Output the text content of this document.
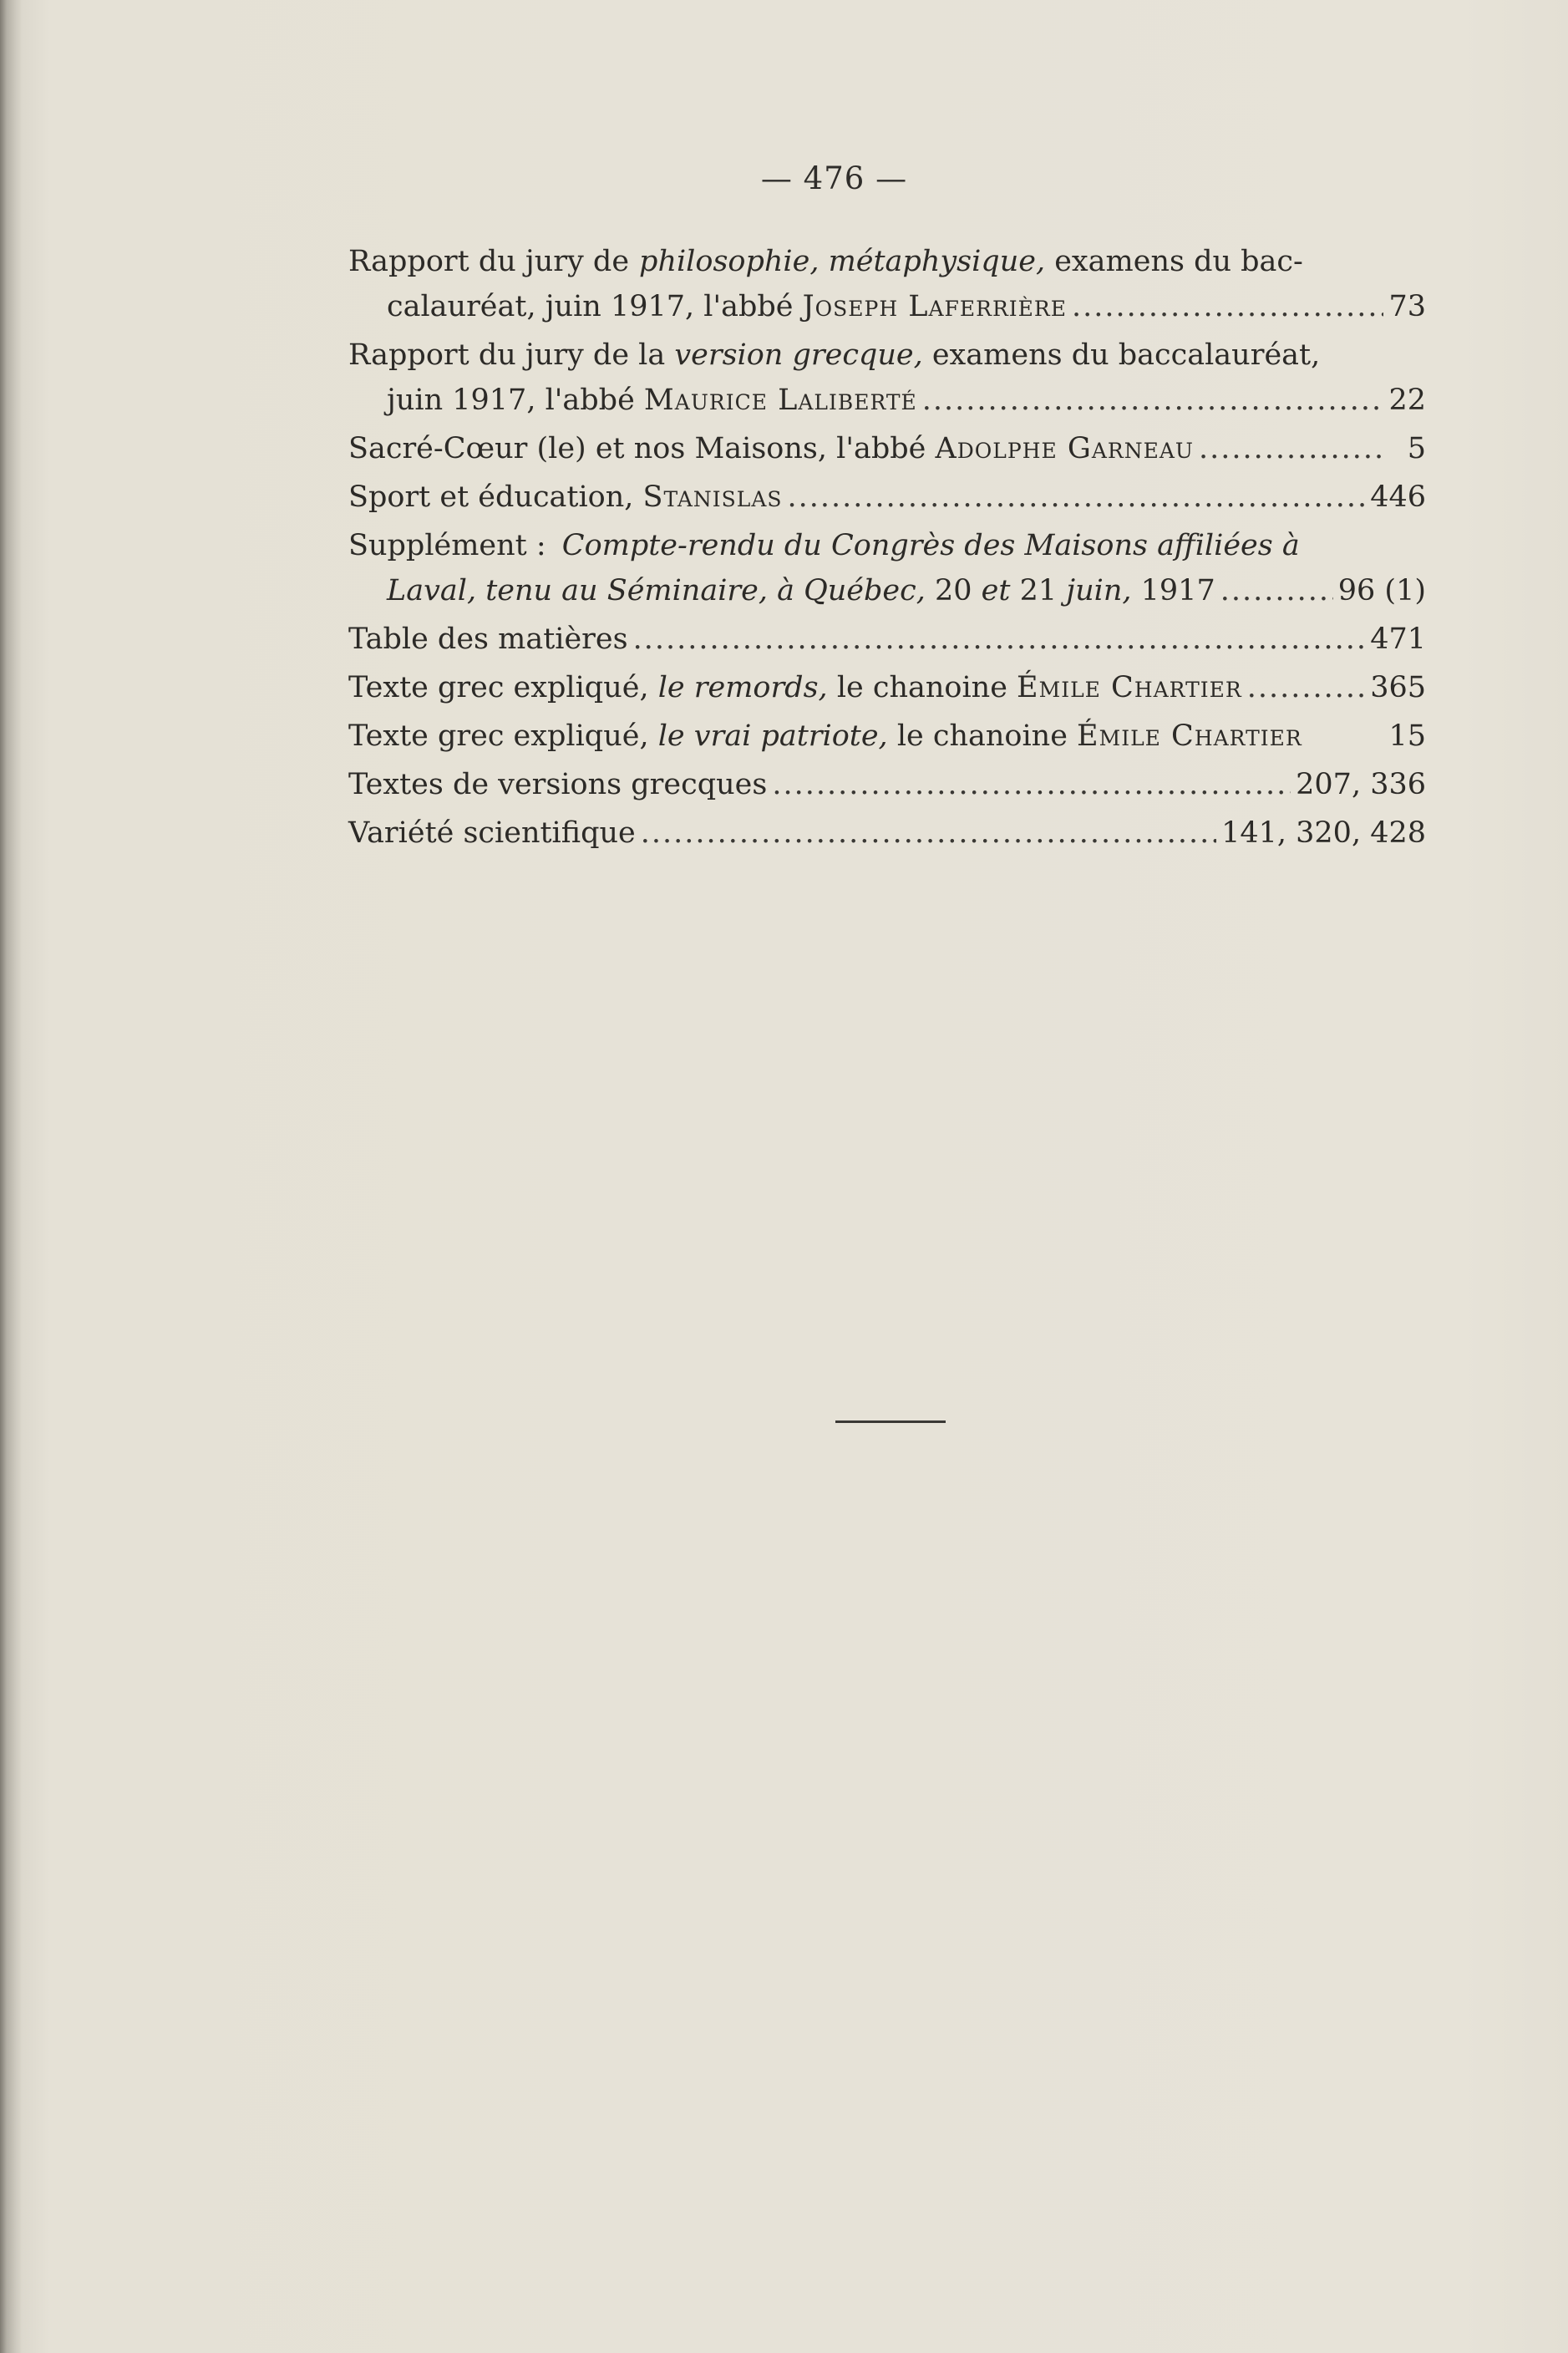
— 476 —
Rapport du jury de philosophie, métaphysique, examens du bac-
calauréat, juin 1917, l'abbé Joseph Laferrière .....	73
Rapport du jury de la version grecque, examens du baccalauréat,
juin 1917, l'abbé Maurice Laliberté .....	22
Sacré-Cœur (le) et nos Maisons, l'abbé Adolphe Garneau .....	5
Sport et éducation, Stanislas .....	446
Supplément : Compte-rendu du Congrès des Maisons affiliées à
Laval, tenu au Séminaire, à Québec, 20 et 21 juin, 1917 .....	96 (1)
Table des matières .....	471
Texte grec expliqué, le remords, le chanoine Émile Chartier .....	365
Texte grec expliqué, le vrai patriote, le chanoine Émile Chartier	15
Textes de versions grecques .....	207, 336
Variété scientifique .....	141, 320, 428
